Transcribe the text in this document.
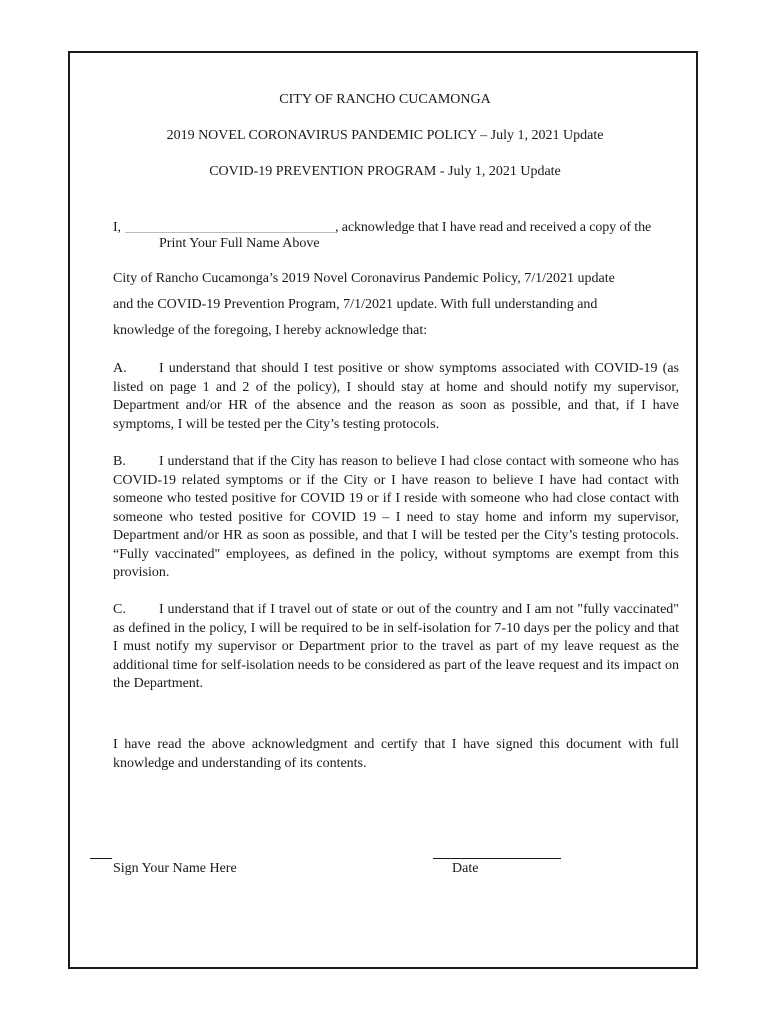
CITY OF RANCHO CUCAMONGA
2019 NOVEL CORONAVIRUS PANDEMIC POLICY – July 1, 2021 Update
COVID-19 PREVENTION PROGRAM - July 1, 2021 Update
I,	, acknowledge that I have read and received a copy of the
Print Your Full Name Above

City of Rancho Cucamonga’s 2019 Novel Coronavirus Pandemic Policy, 7/1/2021 update

and the COVID-19 Prevention Program, 7/1/2021 update. With full understanding and

knowledge of the foregoing, I hereby acknowledge that:

A. I understand that should I test positive or show symptoms associated with COVID-19 (as listed on page 1 and 2 of the policy), I should stay at home and should notify my supervisor, Department and/or HR of the absence and the reason as soon as possible, and that, if I have symptoms, I will be tested per the City’s testing protocols.

B. I understand that if the City has reason to believe I had close contact with someone who has COVID-19 related symptoms or if the City or I have reason to believe I have had contact with someone who tested positive for COVID 19 or if I reside with someone who had close contact with someone who tested positive for COVID 19 – I need to stay home and inform my supervisor, Department and/or HR as soon as possible, and that I will be tested per the City’s testing protocols. “Fully vaccinated" employees, as defined in the policy, without symptoms are exempt from this provision.

C. I understand that if I travel out of state or out of the country and I am not "fully vaccinated" as defined in the policy, I will be required to be in self-isolation for 7-10 days per the policy and that I must notify my supervisor or Department prior to the travel as part of my leave request as the additional time for self-isolation needs to be considered as part of the leave request and its impact on the Department.

I have read the above acknowledgment and certify that I have signed this document with full knowledge and understanding of its contents.

Sign Your Name Here	Date
